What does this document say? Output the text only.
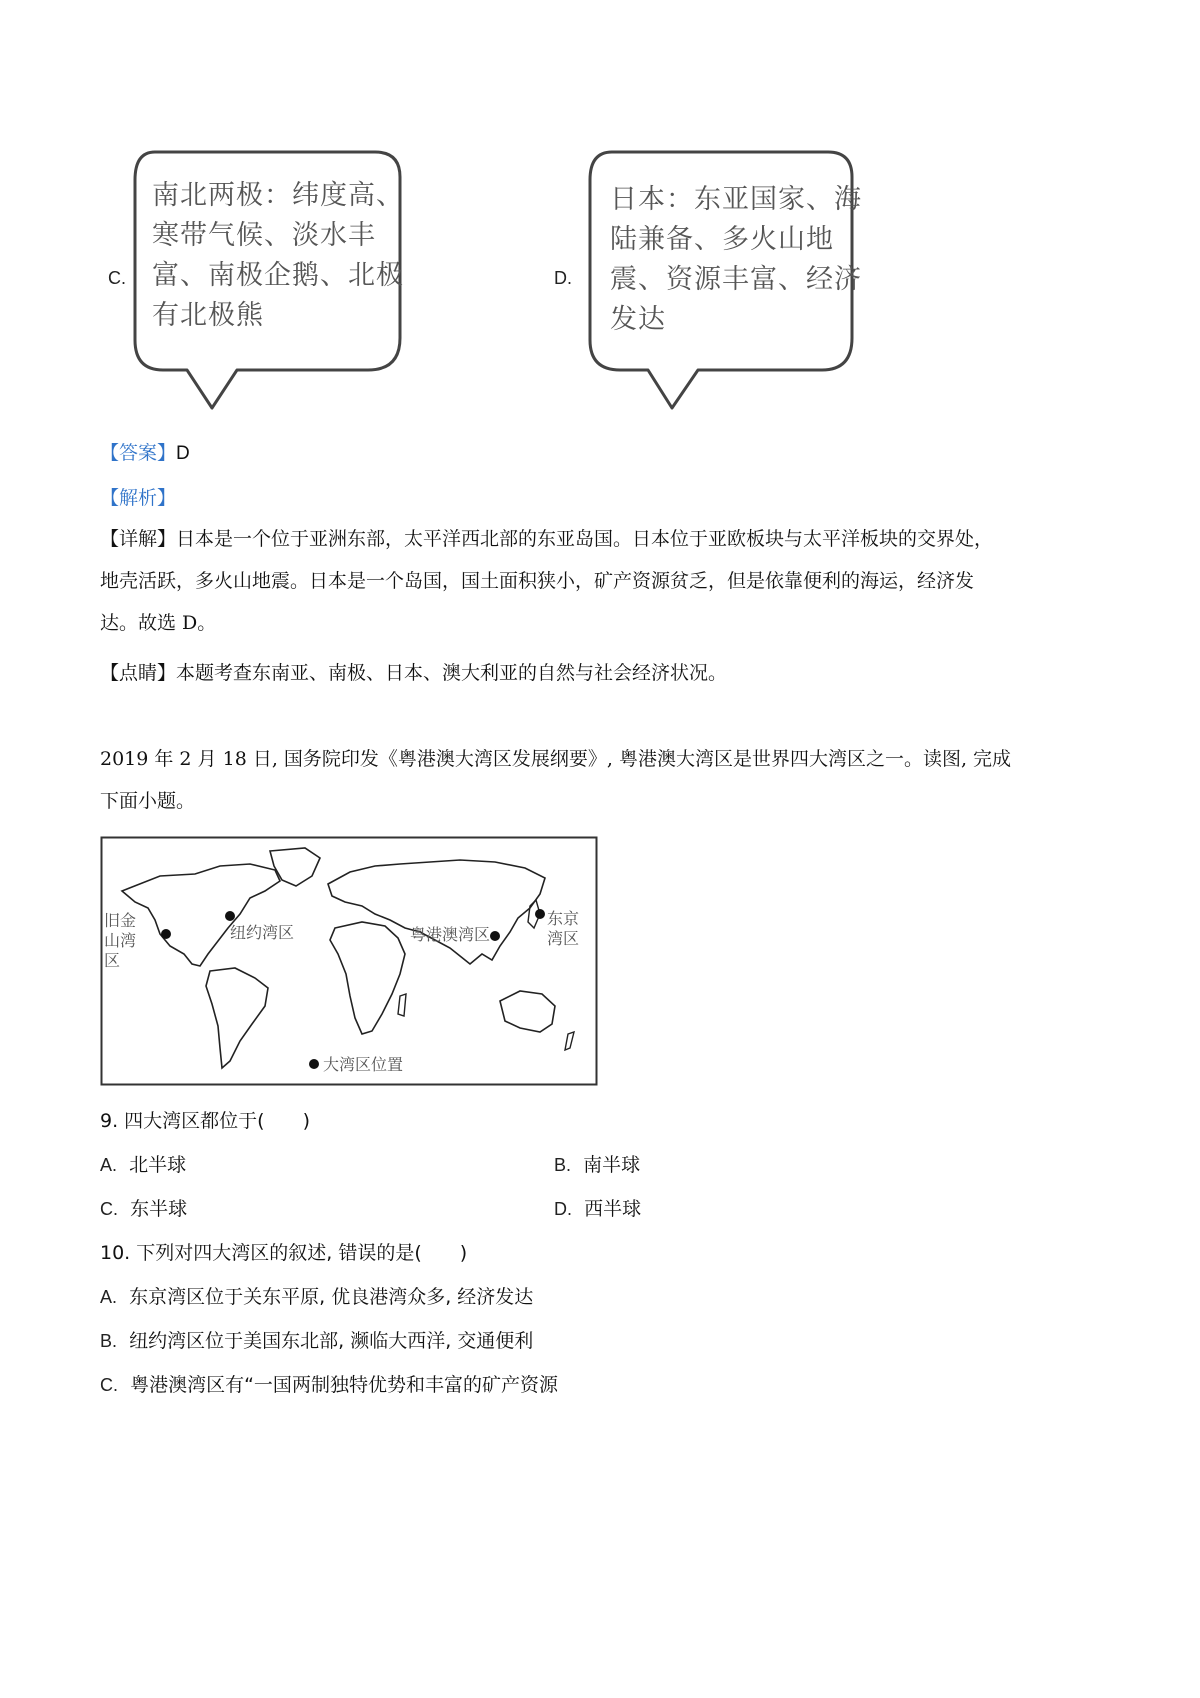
C.
南北两极：纬度高、
寒带气候、淡水丰
富、南极企鹅、北极
有北极熊
D.
日本：东亚国家、海
陆兼备、多火山地
震、资源丰富、经济
发达
【答案】D
【解析】
【详解】日本是一个位于亚洲东部，太平洋西北部的东亚岛国。日本位于亚欧板块与太平洋板块的交界处，
地壳活跃，多火山地震。日本是一个岛国，国土面积狭小，矿产资源贫乏，但是依靠便利的海运，经济发
达。故选 D。
【点睛】本题考查东南亚、南极、日本、澳大利亚的自然与社会经济状况。
2019 年 2 月 18 日, 国务院印发《粤港澳大湾区发展纲要》, 粤港澳大湾区是世界四大湾区之一。读图, 完成
下面小题。
旧金
山湾
区
纽约湾区	粤港澳湾区
东京
湾区
大湾区位置
9. 四大湾区都位于(　　)
A. 北半球	B. 南半球
C. 东半球	D. 西半球
10. 下列对四大湾区的叙述, 错误的是(　　)
A. 东京湾区位于关东平原, 优良港湾众多, 经济发达
B. 纽约湾区位于美国东北部, 濒临大西洋, 交通便利
C. 粤港澳湾区有“一国两制独特优势和丰富的矿产资源
